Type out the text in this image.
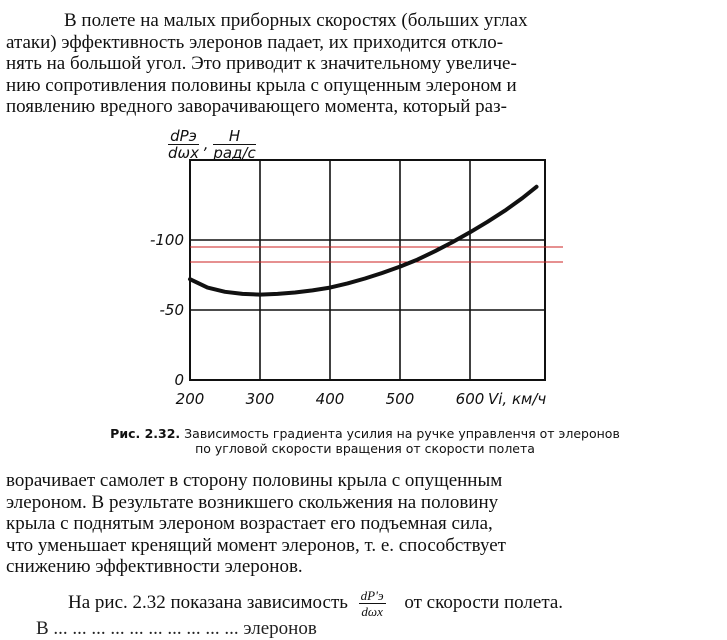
В полете на малых приборных скоростях (больших углах
атаки) эффективность элеронов падает, их приходится откло-
нять на большой угол. Это приводит к значительному увеличе-
нию сопротивления половины крыла с опущенным элероном и
появлению вредного заворачивающего момента, который раз-
dPэ
dωx ,	Н
рад/с
200	300	400	500	600
0
-50
-100
Vi, км/ч
Рис. 2.32. Зависимость градиента усилия на ручке управленчя от элеронов
по угловой скорости вращения от скорости полета
ворачивает самолет в сторону половины крыла с опущенным
элероном. В результате возникшего скольжения на половину
крыла с поднятым элероном возрастает его подъемная сила,
что уменьшает кренящий момент элеронов, т. е. способствует
снижению эффективности элеронов.
На рис. 2.32 показана зависимость $\frac{dP'э}{\text{dωx}}$ от скорости полета.
В ... ... ... ... ... ... ... ... ... ... элеронов
